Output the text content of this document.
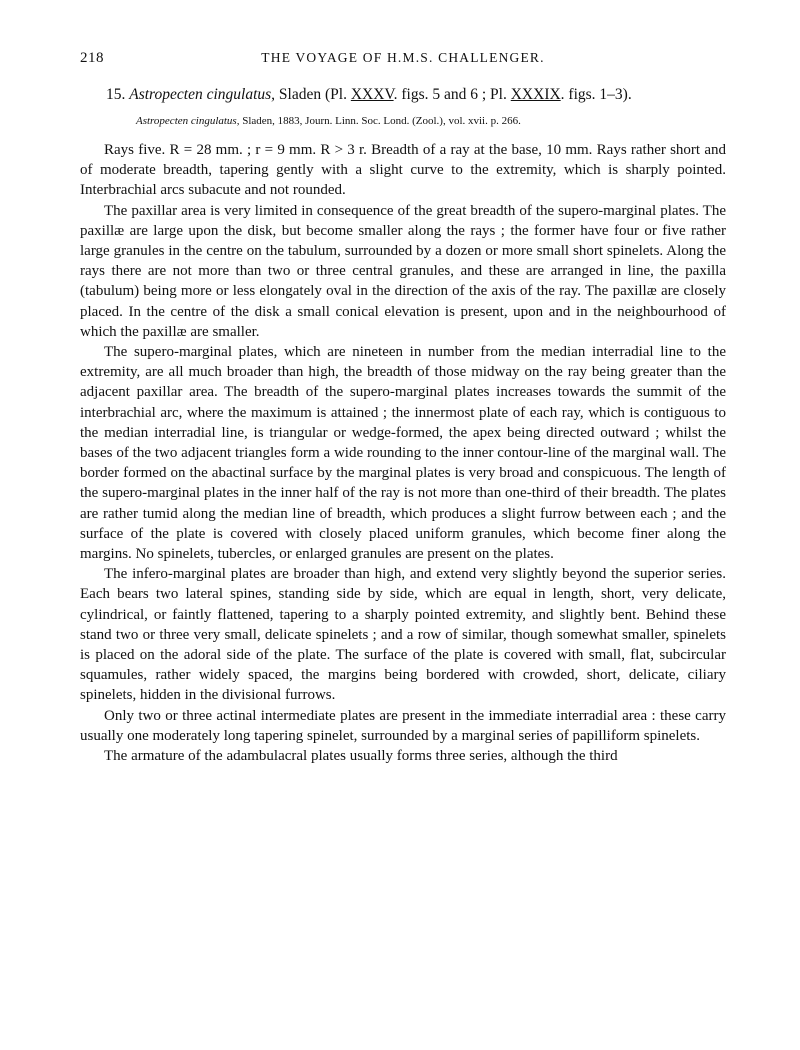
218	THE VOYAGE OF H.M.S. CHALLENGER.

15. Astropecten cingulatus, Sladen (Pl. XXXV. figs. 5 and 6 ; Pl. XXXIX. figs. 1–3).

Astropecten cingulatus, Sladen, 1883, Journ. Linn. Soc. Lond. (Zool.), vol. xvii. p. 266.

Rays five. R = 28 mm. ; r = 9 mm. R > 3 r. Breadth of a ray at the base, 10 mm. Rays rather short and of moderate breadth, tapering gently with a slight curve to the extremity, which is sharply pointed. Interbrachial arcs subacute and not rounded.

The paxillar area is very limited in consequence of the great breadth of the supero-marginal plates. The paxillæ are large upon the disk, but become smaller along the rays ; the former have four or five rather large granules in the centre on the tabulum, surrounded by a dozen or more small short spinelets. Along the rays there are not more than two or three central granules, and these are arranged in line, the paxilla (tabulum) being more or less elongately oval in the direction of the axis of the ray. The paxillæ are closely placed. In the centre of the disk a small conical elevation is present, upon and in the neighbourhood of which the paxillæ are smaller.

The supero-marginal plates, which are nineteen in number from the median interradial line to the extremity, are all much broader than high, the breadth of those midway on the ray being greater than the adjacent paxillar area. The breadth of the supero-marginal plates increases towards the summit of the interbrachial arc, where the maximum is attained ; the innermost plate of each ray, which is contiguous to the median interradial line, is triangular or wedge-formed, the apex being directed outward ; whilst the bases of the two adjacent triangles form a wide rounding to the inner contour-line of the marginal wall. The border formed on the abactinal surface by the marginal plates is very broad and conspicuous. The length of the supero-marginal plates in the inner half of the ray is not more than one-third of their breadth. The plates are rather tumid along the median line of breadth, which produces a slight furrow between each ; and the surface of the plate is covered with closely placed uniform granules, which become finer along the margins. No spinelets, tubercles, or enlarged granules are present on the plates.

The infero-marginal plates are broader than high, and extend very slightly beyond the superior series. Each bears two lateral spines, standing side by side, which are equal in length, short, very delicate, cylindrical, or faintly flattened, tapering to a sharply pointed extremity, and slightly bent. Behind these stand two or three very small, delicate spinelets ; and a row of similar, though somewhat smaller, spinelets is placed on the adoral side of the plate. The surface of the plate is covered with small, flat, subcircular squamules, rather widely spaced, the margins being bordered with crowded, short, delicate, ciliary spinelets, hidden in the divisional furrows.

Only two or three actinal intermediate plates are present in the immediate interradial area : these carry usually one moderately long tapering spinelet, surrounded by a marginal series of papilliform spinelets.

The armature of the adambulacral plates usually forms three series, although the third
